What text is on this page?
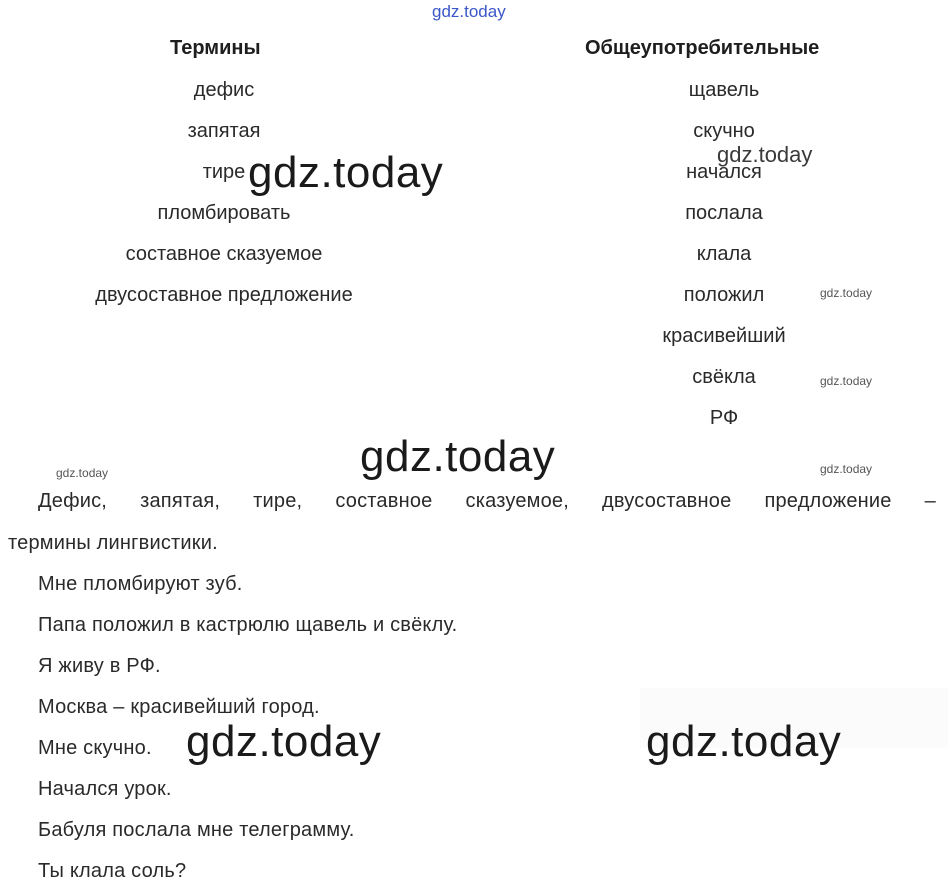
gdz.today
Термины	Общеупотребительные
дефис
запятая
тире
пломбировать
составное сказуемое
двусоставное предложение
щавель
скучно
начался
послала
клала
положил
красивейший
свёкла
РФ
Дефис, запятая, тире, составное сказуемое, двусоставное предложение –
термины лингвистики.
Мне пломбируют зуб.
Папа положил в кастрюлю щавель и свёклу.
Я живу в РФ.
Москва – красивейший город.
Мне скучно.
Начался урок.
Бабуля послала мне телеграмму.
Ты клала соль?
gdz.today
gdz.today
gdz.today	gdz.today
gdz.today
gdz.today
gdz.today
gdz.today
gdz.today
